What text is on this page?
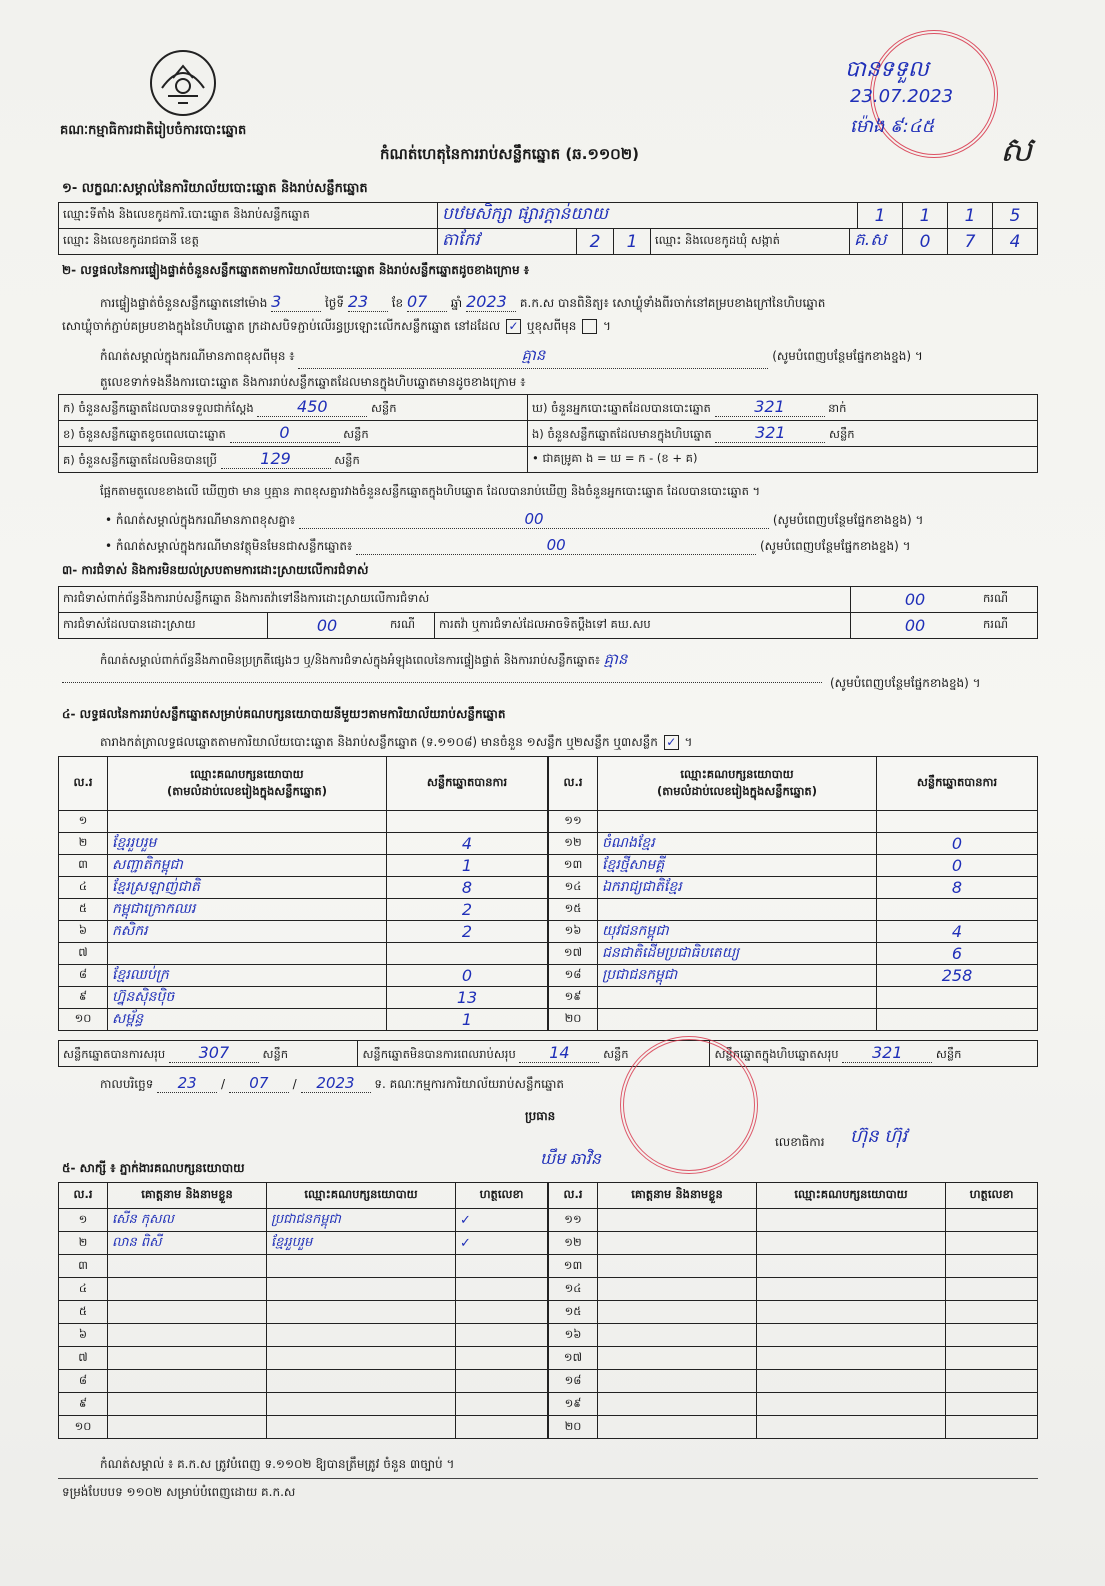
គណៈកម្មាធិការជាតិរៀបចំការបោះឆ្នោត
កំណត់ហេតុនៃការរាប់សន្លឹកឆ្នោត (ឆ.១១០២)
បានទទួល
23.07.2023
ម៉ោង ៩:៤៥
ស
១- លក្ខណៈសម្គាល់នៃការិយាល័យបោះឆ្នោត និងរាប់សន្លឹកឆ្នោត
ឈ្មោះទីតាំង និងលេខកូដការិ.បោះឆ្នោត និងរាប់សន្លឹកឆ្នោត	បឋមសិក្សា ផ្សារក្ដាន់យាយ					1	1	1	5
ឈ្មោះ និងលេខកូដរាជធានី ខេត្ត	តាកែវ	2	1	ឈ្មោះ និងលេខកូដឃុំ សង្កាត់	គ.ស		0	7	4
២- លទ្ធផលនៃការផ្ទៀងផ្ទាត់ចំនួនសន្លឹកឆ្នោតតាមការិយាល័យបោះឆ្នោត និងរាប់សន្លឹកឆ្នោតដូចខាងក្រោម ៖
ការផ្ទៀងផ្ទាត់ចំនួនសន្លឹកឆ្នោតនៅម៉ោង 3	ថ្ងៃទី 23 ខែ 07 ឆ្នាំ 2023 គ.ក.ស បានពិនិត្យ៖ សោឃ្លុំទាំងពីរចាក់នៅគម្របខាងក្រៅនៃហិបឆ្នោត
សោឃ្លុំចាក់ភ្ជាប់គម្របខាងក្នុងនៃហិបឆ្នោត ក្រដាសបិទភ្ជាប់លើរន្ធប្រឡោះលើកសន្លឹកឆ្នោត នៅដដែល ✓ ឬខុសពីមុន  ។
កំណត់សម្គាល់ក្នុងករណីមានភាពខុសពីមុន ៖	គ្មាន	(សូមបំពេញបន្ថែមផ្នែកខាងខ្នង) ។
តួលេខទាក់ទងនឹងការបោះឆ្នោត និងការរាប់សន្លឹកឆ្នោតដែលមានក្នុងហិបឆ្នោតមានដូចខាងក្រោម ៖
ក) ចំនួនសន្លឹកឆ្នោតដែលបានទទួលជាក់ស្ដែង 450 សន្លឹក	ឃ) ចំនួនអ្នកបោះឆ្នោតដែលបានបោះឆ្នោត 321 នាក់
ខ) ចំនួនសន្លឹកឆ្នោតខូចពេលបោះឆ្នោត 0 សន្លឹក	ង) ចំនួនសន្លឹកឆ្នោតដែលមានក្នុងហិបឆ្នោត 321 សន្លឹក
គ) ចំនួនសន្លឹកឆ្នោតដែលមិនបានប្រើ 129 សន្លឹក	• ជាគម្រូគា ង = ឃ = ក - (ខ + គ)
ផ្អែកតាមតួលេខខាងលើ ឃើញថា មាន ឬគ្មាន ភាពខុសគ្នារវាងចំនួនសន្លឹកឆ្នោតក្នុងហិបឆ្នោត ដែលបានរាប់ឃើញ និងចំនួនអ្នកបោះឆ្នោត ដែលបានបោះឆ្នោត ។
• កំណត់សម្គាល់ក្នុងករណីមានភាពខុសគ្នា៖	00	(សូមបំពេញបន្ថែមផ្នែកខាងខ្នង) ។
• កំណត់សម្គាល់ក្នុងករណីមានវត្ថុមិនមែនជាសន្លឹកឆ្នោត៖	00	(សូមបំពេញបន្ថែមផ្នែកខាងខ្នង) ។
៣- ការជំទាស់ និងការមិនយល់ស្របតាមការដោះស្រាយលើការជំទាស់
ការជំទាស់ពាក់ព័ន្ធនឹងការរាប់សន្លឹកឆ្នោត និងការតវ៉ាទៅនឹងការដោះស្រាយលើការជំទាស់				00	ករណី
ការជំទាស់ដែលបានដោះស្រាយ	00	ករណី	ការតវ៉ា ឬការជំទាស់ដែលអាចទិតប្ដឹងទៅ គឃ.សប	00	ករណី
កំណត់សម្គាល់ពាក់ព័ន្ធនឹងភាពមិនប្រក្រតីផ្សេងៗ ឬ/និងការជំទាស់ក្នុងអំឡុងពេលនៃការផ្ទៀងផ្ទាត់ និងការរាប់សន្លឹកឆ្នោត៖ គ្មាន
(សូមបំពេញបន្ថែមផ្នែកខាងខ្នង) ។
៤- លទ្ធផលនៃការរាប់សន្លឹកឆ្នោតសម្រាប់គណបក្សនយោបាយនីមួយៗតាមការិយាល័យរាប់សន្លឹកឆ្នោត
តារាងកត់ត្រាលទ្ធផលឆ្នោតតាមការិយាល័យបោះឆ្នោត និងរាប់សន្លឹកឆ្នោត (ទ.១១០៨) មានចំនួន ១សន្លឹក ឬ២សន្លឹក ឬ៣សន្លឹក ✓ ។
ល.រ	ឈ្មោះគណបក្សនយោបាយ
(តាមលំដាប់លេខរៀងក្នុងសន្លឹកឆ្នោត)	សន្លឹកឆ្នោតបានការ
១		
២	ខ្មែររួបរួម	4
៣	សញ្ជាតិកម្ពុជា	1
៤	ខ្មែរស្រឡាញ់ជាតិ	8
៥	កម្ពុជាក្រោកឈរ	2
៦	កសិករ	2
៧		
៨	ខ្មែរឈប់ក្រ	0
៩	ហ្វ៊ុនស៊ិនប៉ិច	13
១០	សម្ព័ន្ធ	1
ល.រ	ឈ្មោះគណបក្សនយោបាយ
(តាមលំដាប់លេខរៀងក្នុងសន្លឹកឆ្នោត)	សន្លឹកឆ្នោតបានការ
១១		
១២	ចំណងខ្មែរ	0
១៣	ខ្មែរថ្មីសាមគ្គី	0
១៤	ឯករាជ្យជាតិខ្មែរ	8
១៥		
១៦	យុវជនកម្ពុជា	4
១៧	ជនជាតិដើមប្រជាធិបតេយ្យ	6
១៨	ប្រជាជនកម្ពុជា	258
១៩		
២០		
សន្លឹកឆ្នោតបានការសរុប 307	សន្លឹក	សន្លឹកឆ្នោតមិនបានការពេលរាប់សរុប 14	សន្លឹក	សន្លឹកឆ្នោតក្នុងហិបឆ្នោតសរុប 321	សន្លឹក
កាលបរិច្ឆេទ 23 / 07 / 2023 ទ. គណៈកម្មការការិយាល័យរាប់សន្លឹកឆ្នោត
ប្រធាន
ឃឹម ឆាវិន
លេខាធិការ ហ៊ុន ហ៊ុវ
៥- សាក្សី ៖ ភ្នាក់ងារគណបក្សនយោបាយ
ល.រ	គោត្តនាម និងនាមខ្លួន	ឈ្មោះគណបក្សនយោបាយ	ហត្ថលេខា
១	សើន កុសល	ប្រជាជនកម្ពុជា	✓
២	លាន ពិសី	ខ្មែររួបរួម	✓
៣			
៤			
៥			
៦			
៧			
៨			
៩			
១០			
ល.រ	គោត្តនាម និងនាមខ្លួន	ឈ្មោះគណបក្សនយោបាយ	ហត្ថលេខា
១១			
១២			
១៣			
១៤			
១៥			
១៦			
១៧			
១៨			
១៩			
២០			
កំណត់សម្គាល់ ៖ គ.ក.ស ត្រូវបំពេញ ទ.១១០២ ឱ្យបានត្រឹមត្រូវ ចំនួន ៣ច្បាប់ ។
ទម្រង់បែបបទ ១១០២ សម្រាប់បំពេញដោយ គ.ក.ស
